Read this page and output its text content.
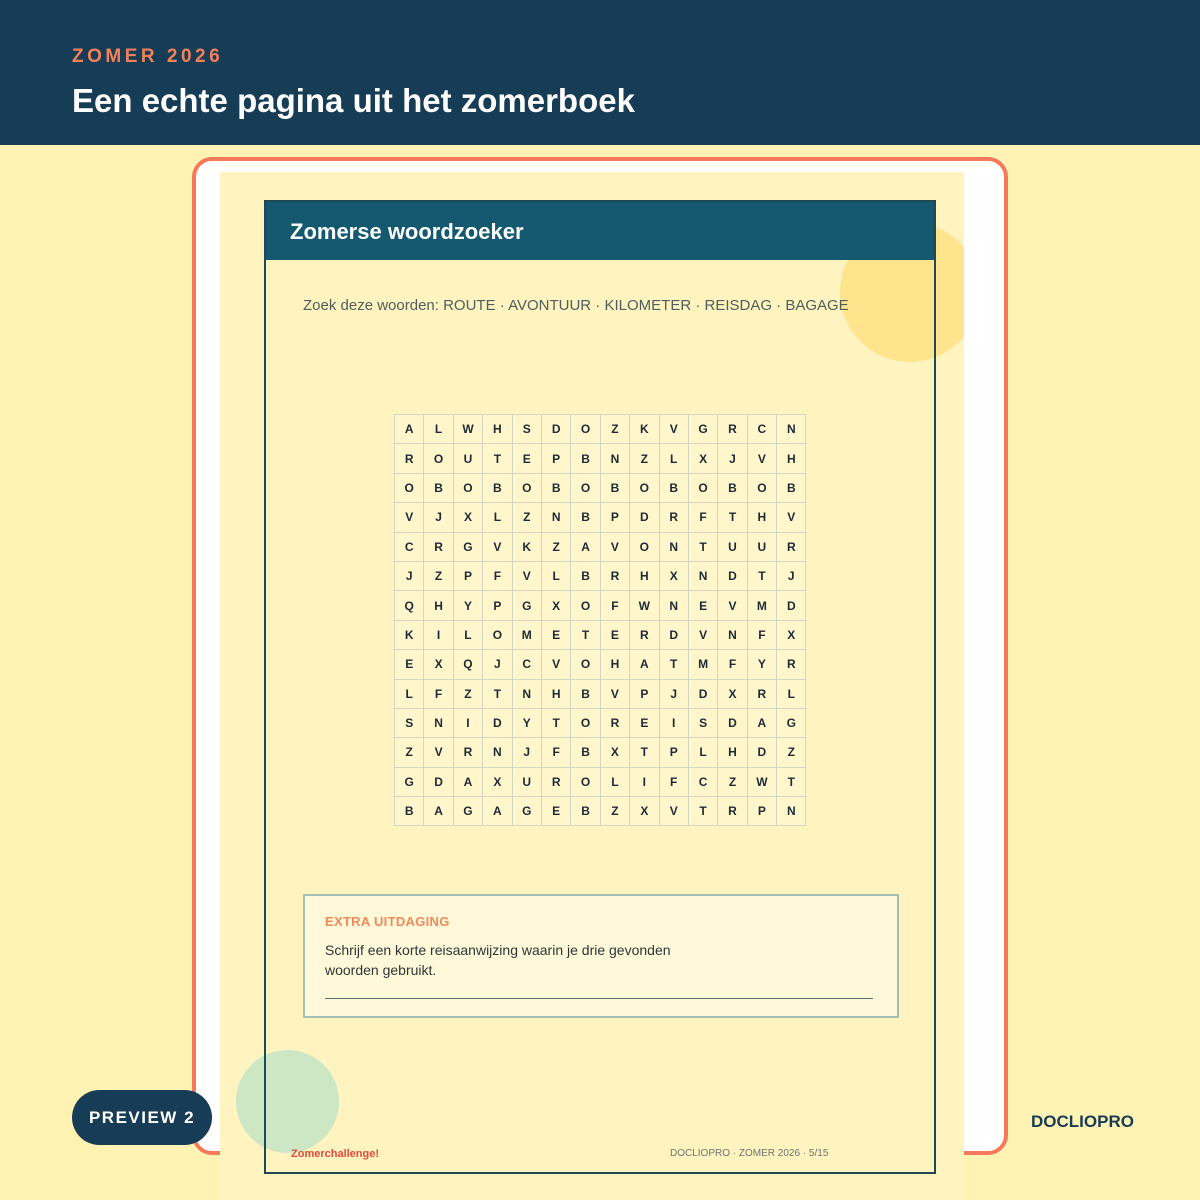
ZOMER 2026
Een echte pagina uit het zomerboek
Zomerse woordzoeker
Zoek deze woorden: ROUTE · AVONTUUR · KILOMETER · REISDAG · BAGAGE
A	L	W	H	S	D	O	Z	K	V	G	R	C	N
R	O	U	T	E	P	B	N	Z	L	X	J	V	H
O	B	O	B	O	B	O	B	O	B	O	B	O	B
V	J	X	L	Z	N	B	P	D	R	F	T	H	V
C	R	G	V	K	Z	A	V	O	N	T	U	U	R
J	Z	P	F	V	L	B	R	H	X	N	D	T	J
Q	H	Y	P	G	X	O	F	W	N	E	V	M	D
K	I	L	O	M	E	T	E	R	D	V	N	F	X
E	X	Q	J	C	V	O	H	A	T	M	F	Y	R
L	F	Z	T	N	H	B	V	P	J	D	X	R	L
S	N	I	D	Y	T	O	R	E	I	S	D	A	G
Z	V	R	N	J	F	B	X	T	P	L	H	D	Z
G	D	A	X	U	R	O	L	I	F	C	Z	W	T
B	A	G	A	G	E	B	Z	X	V	T	R	P	N
EXTRA UITDAGING
Schrijf een korte reisaanwijzing waarin je drie gevonden woorden gebruikt.
Zomerchallenge!	DOCLIOPRO · ZOMER 2026 · 5/15
PREVIEW 2	DOCLIOPRO
